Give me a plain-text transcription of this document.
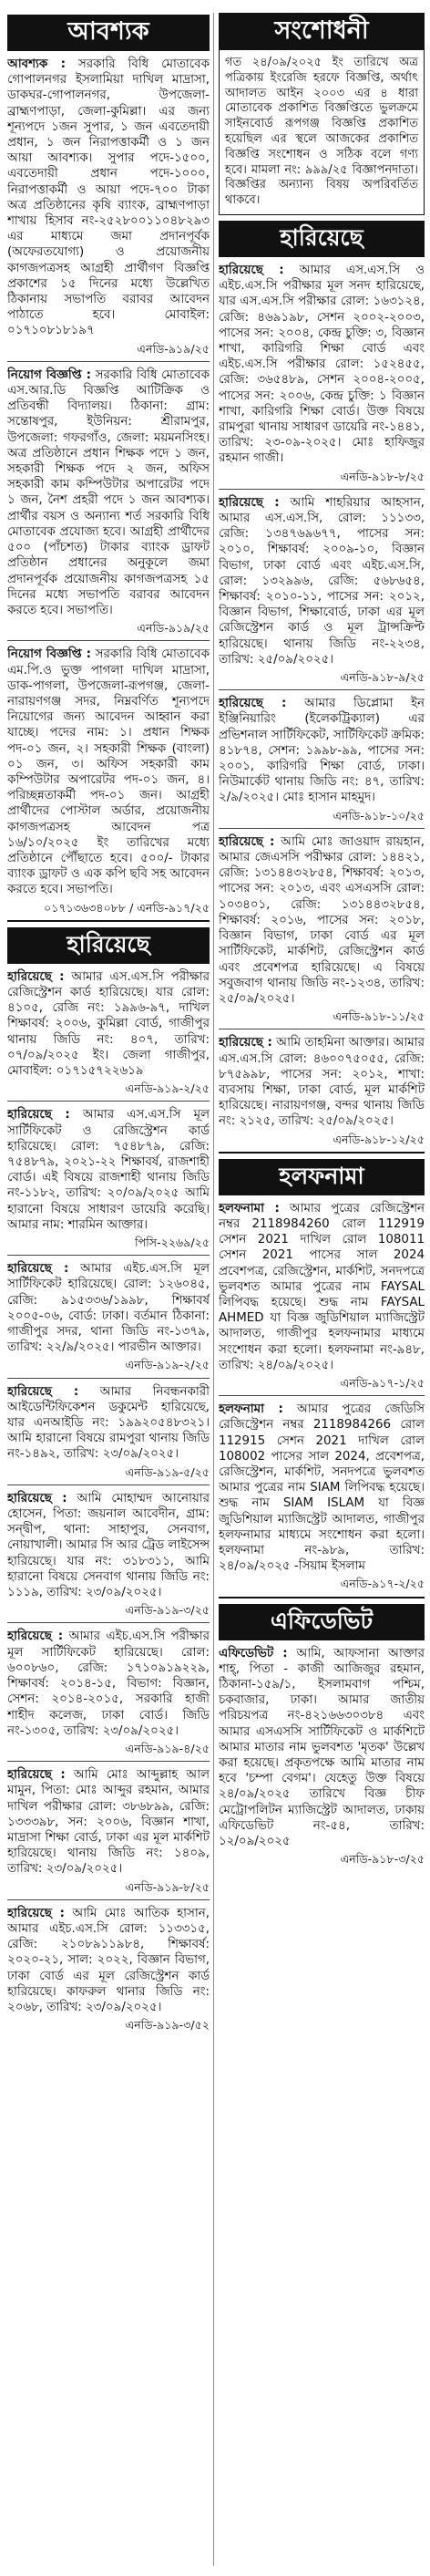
আবশ্যক

আবশ্যক : সরকারি বিধি মোতাবেক গোপালনগর ইসলামিয়া দাখিল মাদ্রাসা, ডাকঘর-গোপালনগর, উপজেলা-ব্রাহ্মণপাড়া, জেলা-কুমিল্লা। এর জন্য শূন্যপদে ১জন সুপার, ১ জন এবতেদায়ী প্রধান, ১ জন নিরাপত্তাকর্মী ও ১ জন আয়া আবশ্যক। সুপার পদে-১৫০০, এবতেদায়ী প্রধান পদে-১০০০, নিরাপত্তাকর্মী ও আয়া পদে-৭০০ টাকা অত্র প্রতিষ্ঠানের কৃষি ব্যাংক, ব্রাহ্মণপাড়া শাখায় হিসাব নং-২৫২৮০০১১০৪৮২৯৩ এর মাধ্যমে জমা প্রদানপূর্বক (অফেরতযোগ্য) ও প্রয়োজনীয় কাগজপত্রসহ আগ্রহী প্রার্থীগণ বিজ্ঞপ্তি প্রকাশের ১৫ দিনের মধ্যে উল্লেখিত ঠিকানায় সভাপতি বরাবর আবেদন পাঠাতে হবে। মোবাইল: ০১৭১০৮১৮১৯৭

এনডি-৯১৯/২৫

নিয়োগ বিজ্ঞপ্তি : সরকারি বিধি মোতাবেক এস.আর.ডি বিজ্ঞপ্তি আটিক্রিক ও প্রতিবন্ধী বিদ্যালয়। ঠিকানা: গ্রাম: সন্তোষপুর, ইউনিয়ন: শ্রীরামপুর, উপজেলা: গফরগাঁও, জেলা: ময়মনসিংহ। অত্র প্রতিষ্ঠানে প্রধান শিক্ষক পদে ১ জন, সহকারী শিক্ষক পদে ২ জন, অফিস সহকারী কাম কম্পিউটার অপারেটর পদে ১ জন, নৈশ প্রহরী পদে ১ জন আবশ্যক। প্রার্থীর বয়স ও অন্যান্য শর্ত সরকারি বিধি মোতাবেক প্রযোজ্য হবে। আগ্রহী প্রার্থীদের ৫০০ (পাঁচশত) টাকার ব্যাংক ড্রাফট প্রতিষ্ঠান প্রধানের অনুকূলে জমা প্রদানপূর্বক প্রয়োজনীয় কাগজপত্রসহ ১৫ দিনের মধ্যে সভাপতি বরাবর আবেদন করতে হবে। সভাপতি।

এনডি-৯১৯/২৫

নিয়োগ বিজ্ঞপ্তি : সরকারি বিধি মোতাবেক এম.পি.ও ভুক্ত পাগলা দাখিল মাদ্রাসা, ডাক-পাগলা, উপজেলা-রূপগঞ্জ, জেলা-নারায়ণগঞ্জ সদর, নিম্নবর্ণিত শূন্যপদে নিয়োগের জন্য আবেদন আহ্বান করা যাচ্ছে। পদের নাম: ১। প্রধান শিক্ষক পদ-০১ জন, ২। সহকারী শিক্ষক (বাংলা) ০১ জন, ৩। অফিস সহকারী কাম কম্পিউটার অপারেটর পদ-০১ জন, ৪। পরিচ্ছন্নতাকর্মী পদ-০১ জন। আগ্রহী প্রার্থীদের পোস্টাল অর্ডার, প্রয়োজনীয় কাগজপত্রসহ আবেদন পত্র ১৬/১০/২০২৫ ইং তারিখের মধ্যে প্রতিষ্ঠানে পৌঁছাতে হবে। ৫০০/- টাকার ব্যাংক ড্রাফট ও এক কপি ছবি সহ আবেদন করতে হবে। সভাপতি।

০১৭১৩৬৩৪০৮৮ / এনডি-৯১৭/২৫
হারিয়েছে

হারিয়েছে : আমার এস.এস.সি পরীক্ষার রেজিস্ট্রেশন কার্ড হারিয়েছে। যার রোল: ৪১০৫, রেজি নং: ১৯৯৬-৯৭, দাখিল শিক্ষাবর্ষ: ২০০৬, কুমিল্লা বোর্ড, গাজীপুর থানায় জিডি নং: ৪০৭, তারিখ: ০৭/০৯/২০২৫ ইং। জেলা গাজীপুর, মোবাইল: ০১৭১৫৭২২৬১৯

এনডি-৯১৯-২/২৫

হারিয়েছে : আমার এস.এস.সি মূল সার্টিফিকেট ও রেজিস্ট্রেশন কার্ড হারিয়েছে। রোল: ৭৫৪৮৭৯, রেজি: ৭৫৪৮৭৯, ২০২১-২২ শিক্ষাবর্ষ, রাজশাহী বোর্ড। এই বিষয়ে রাজশাহী থানায় জিডি নং-১১৮২, তারিখ: ২০/০৯/২০২৫ আমি হারানো বিষয়ে সাধারণ ডায়েরি করেছি। আমার নাম: শারমিন আক্তার।

পিসি-২২৬৯/২৫

হারিয়েছে : আমার এইচ.এস.সি মূল সার্টিফিকেট হারিয়েছে। রোল: ১২৬০৪৫, রেজি: ৯১৫৩৩৬/১৯৯৮, শিক্ষাবর্ষ ২০০৫-০৬, বোর্ড: ঢাকা। বর্তমান ঠিকানা: গাজীপুর সদর, থানা জিডি নং-১৩৭৯, তারিখ: ২২/৯/২০২৫। পারভীন আক্তার।

এনডি-৯১৯-২/২৫

হারিয়েছে : আমার নিবন্ধনকারী আইডেন্টিফিকেশন ডকুমেন্ট হারিয়েছে, যার এনআইডি নং: ১৯৯২০৫৪৮৩২১। আমি হারানো বিষয়ে রামপুরা থানায় জিডি নং-১৪৯২, তারিখ: ২৩/০৯/২০২৫।

এনডি-৯১৯-৫/২৫

হারিয়েছে : আমি মোহাম্মদ আনোয়ার হোসেন, পিতা: জয়নাল আবেদীন, গ্রাম: সন্দ্বীপ, থানা: সাহাপুর, সেনবাগ, নোয়াখালী। আমার সি আর ট্রেড লাইসেন্স হারিয়েছে। যার নং: ৩১৮৩১১, আমি হারানো বিষয়ে সেনবাগ থানায় জিডি নং: ১১১৯, তারিখ: ২৩/০৯/২০২৫।

এনডি-৯১৯-৩/২৫

হারিয়েছে : আমার এইচ.এস.সি পরীক্ষার মূল সার্টিফিকেট হারিয়েছে। রোল: ৬০০৮৬০, রেজি: ১৭১০৯১৯২২৯, শিক্ষাবর্ষ: ২০১৪-১৫, বিভাগ: বিজ্ঞান, সেশন: ২০১৪-২০১৫, সরকারি হাজী শাহীদ কলেজ, ঢাকা বোর্ড। জিডি নং-১৩০৫, তারিখ: ২৩/০৯/২০২৫।

এনডি-৯১৯-৪/২৫

হারিয়েছে : আমি মোঃ আব্দুল্লাহ আল মামুন, পিতা: মোঃ আব্দুর রহমান, আমার দাখিল পরীক্ষার রোল: ৩৮৬৮৯৯, রেজি: ১৩৩৩৯৮, সন: ২০০৬, বিজ্ঞান শাখা, মাদ্রাসা শিক্ষা বোর্ড, ঢাকা এর মূল মার্কশিট হারিয়েছে। থানায় জিডি নং: ১৪০৯, তারিখ: ২৩/০৯/২০২৫।

এনডি-৯১৯-৮/২৫

হারিয়েছে : আমি মোঃ আতিক হাসান, আমার এইচ.এস.সি রোল: ১১৩৩১৫, রেজি: ২১০৮৯১১৯৮৪, শিক্ষাবর্ষ: ২০২০-২১, সাল: ২০২২, বিজ্ঞান বিভাগ, ঢাকা বোর্ড এর মূল রেজিস্ট্রেশন কার্ড হারিয়েছে। কাফরুল থানার জিডি নং: ২০৬৮, তারিখ: ২৩/০৯/২০২৫।

এনডি-৯১৯-৩/৫২
সংশোধনী

গত ২৪/০৯/২০২৫ ইং তারিখে অত্র পত্রিকায় ইংরেজি হরফে বিজ্ঞপ্তি, অর্থাৎ আদালত আইন ২০০৩ এর ৪ ধারা মোতাবেক প্রকাশিত বিজ্ঞপ্তিতে ভুলক্রমে সাইনবোর্ড রূপগঞ্জ বিজ্ঞপ্তি প্রকাশিত হয়েছিল এর স্থলে আজকের প্রকাশিত বিজ্ঞপ্তি সংশোধন ও সঠিক বলে গণ্য হবে। মামলা নং: ৯৯৯/২৫ বিজ্ঞাপনদাতা। বিজ্ঞপ্তির অন্যান্য বিষয় অপরিবর্তিত থাকবে।

হারিয়েছে

হারিয়েছে : আমার এস.এস.সি ও এইচ.এস.সি পরীক্ষার মূল সনদ হারিয়েছে, যার এস.এস.সি পরীক্ষার রোল: ১৬৩১২৪, রেজি: ৪৬৯১৯৮, সেশন ২০০২-২০০৩, পাসের সন: ২০০৪, কেন্দ্র চুক্তি: ৩, বিজ্ঞান শাখা, কারিগরি শিক্ষা বোর্ড এবং এইচ.এস.সি পরীক্ষার রোল: ১৫২৪৫৫, রেজি: ৩৬৫৪৮৯, সেশন ২০০৪-২০০৫, পাসের সন: ২০০৬, কেন্দ্র চুক্তি: ১ বিজ্ঞান শাখা, কারিগরি শিক্ষা বোর্ড। উক্ত বিষয়ে রামপুরা থানায় সাধারণ ডায়েরি নং-১৪৪১, তারিখ: ২৩-০৯-২০২৫। মোঃ হাফিজুর রহমান গাজী।

এনডি-৯১৮-৮/২৫

হারিয়েছে : আমি শাহরিয়ার আহসান, আমার এস.এস.সি, রোল: ১১১৩৩, রেজি: ১৩৪৭৬৯৬৭৭, পাসের সন: ২০১০, শিক্ষাবর্ষ: ২০০৯-১০, বিজ্ঞান বিভাগ, ঢাকা বোর্ড এবং এইচ.এস.সি, রোল: ১৩২৯৯৬, রেজি: ৫৬৮৬৫৪, শিক্ষাবর্ষ: ২০১০-১১, পাসের সন: ২০১২, বিজ্ঞান বিভাগ, শিক্ষাবোর্ড, ঢাকা এর মূল রেজিস্ট্রেশন কার্ড ও মূল ট্রান্সক্রিপ্ট হারিয়েছে। থানায় জিডি নং-২২৩৪, তারিখ: ২৫/০৯/২০২৫।

এনডি-৯১৮-৯/২৫

হারিয়েছে : আমার ডিপ্লোমা ইন ইঞ্জিনিয়ারিং (ইলেকট্রিক্যাল) এর প্রভিশনাল সার্টিফিকেট, সার্টিফিকেট ক্রমিক: ৪১৮৭৪, সেশন: ১৯৯৮-৯৯, পাসের সন: ২০০১, কারিগরি শিক্ষা বোর্ড, ঢাকা। নিউমার্কেট থানায় জিডি নং: ৪৭, তারিখ: ২/৯/২০২৫। মোঃ হাসান মাহমুদ।

এনডি-৯১৮-১০/২৫

হারিয়েছে : আমি মোঃ জাওয়াদ রায়হান, আমার জেএসসি পরীক্ষার রোল: ১৪৪২১, রেজি: ১৩১৪৪৩২৮৫৪, শিক্ষাবর্ষ: ২০১৩, পাসের সন: ২০১৩, এবং এসএসসি রোল: ১০৩৪০১, রেজি: ১৩১৪৪৩২৮৫৪, শিক্ষাবর্ষ: ২০১৬, পাসের সন: ২০১৮, বিজ্ঞান বিভাগ, ঢাকা বোর্ড এর মূল সার্টিফিকেট, মার্কশিট, রেজিস্ট্রেশন কার্ড এবং প্রবেশপত্র হারিয়েছে। এ বিষয়ে সবুজবাগ থানায় জিডি নং-১২৩৪, তারিখ: ২৫/০৯/২০২৫।

এনডি-৯১৮-১১/২৫

হারিয়েছে : আমি তাহমিনা আক্তার। আমার এস.এস.সি রোল: ৪৬০০৭৫০৫৫, রেজি: ৮৭৫৯৯৮, পাসের সন: ২০১২, শাখা: ব্যবসায় শিক্ষা, ঢাকা বোর্ড, মূল মার্কশিট হারিয়েছে। নারায়ণগঞ্জ, বন্দর থানায় জিডি নং: ২১২৫, তারিখ: ২৫/০৯/২০২৫।

এনডি-৯১৮-১২/২৫
হলফনামা

হলফনামা : আমার পুত্রের রেজিস্ট্রেশন নম্বর 2118984260 রোল 112919 সেশন 2021 দাখিল রোল 108011 সেশন 2021 পাসের সাল 2024 প্রবেশপত্র, রেজিস্ট্রেশন, মার্কশিট, সনদপত্রে ভুলবশত আমার পুত্রের নাম FAYSAL লিপিবদ্ধ হয়েছে। শুদ্ধ নাম FAYSAL AHMED যা বিজ্ঞ জুডিশিয়াল ম্যাজিস্ট্রেট আদালত, গাজীপুর হলফনামার মাধ্যমে সংশোধন করা হলো। হলফনামা নং-৯৪৮, তারিখ: ২৪/০৯/২০২৫।

এনডি-৯১৭-১/২৫

হলফনামা : আমার পুত্রের জেডিসি রেজিস্ট্রেশন নম্বর 2118984266 রোল 112915 সেশন 2021 দাখিল রোল 108002 পাসের সাল 2024, প্রবেশপত্র, রেজিস্ট্রেশন, মার্কশিট, সনদপত্রে ভুলবশত আমার পুত্রের নাম SIAM লিপিবদ্ধ হয়েছে। শুদ্ধ নাম SIAM ISLAM যা বিজ্ঞ জুডিশিয়াল ম্যাজিস্ট্রেট আদালত, গাজীপুর হলফনামার মাধ্যমে সংশোধন করা হলো। হলফনামা নং-৯৮৯, তারিখ: ২৪/০৯/২০২৫ -সিয়াম ইসলাম

এনডি-৯১৭-২/২৫
এফিডেভিট

এফিডেভিট : আমি, আফসানা আক্তার শাহ্‌, পিতা - কাজী আজিজুর রহমান, ঠিকানা-১৫৯/১, ইসলামবাগ পশ্চিম, চকবাজার, ঢাকা। আমার জাতীয় পরিচয়পত্র নং-৪২১৬৬৩০৩৮৪ এবং আমার এসএসসি সার্টিফিকেট ও মার্কশিটে আমার মাতার নাম ভুলবশত 'মৃতক' উল্লেখ করা হয়েছে। প্রকৃতপক্ষে আমি মাতার নাম হবে 'চম্পা বেগম'। যেহেতু উক্ত বিষয়ে ২৪/০৯/২০২৫ তারিখে বিজ্ঞ চীফ মেট্রোপলিটন ম্যাজিস্ট্রেট আদালত, ঢাকায় এফিডেভিট নং-৫৪, তারিখ: ১২/০৯/২০২৫

এনডি-৯১৮-৩/২৫
